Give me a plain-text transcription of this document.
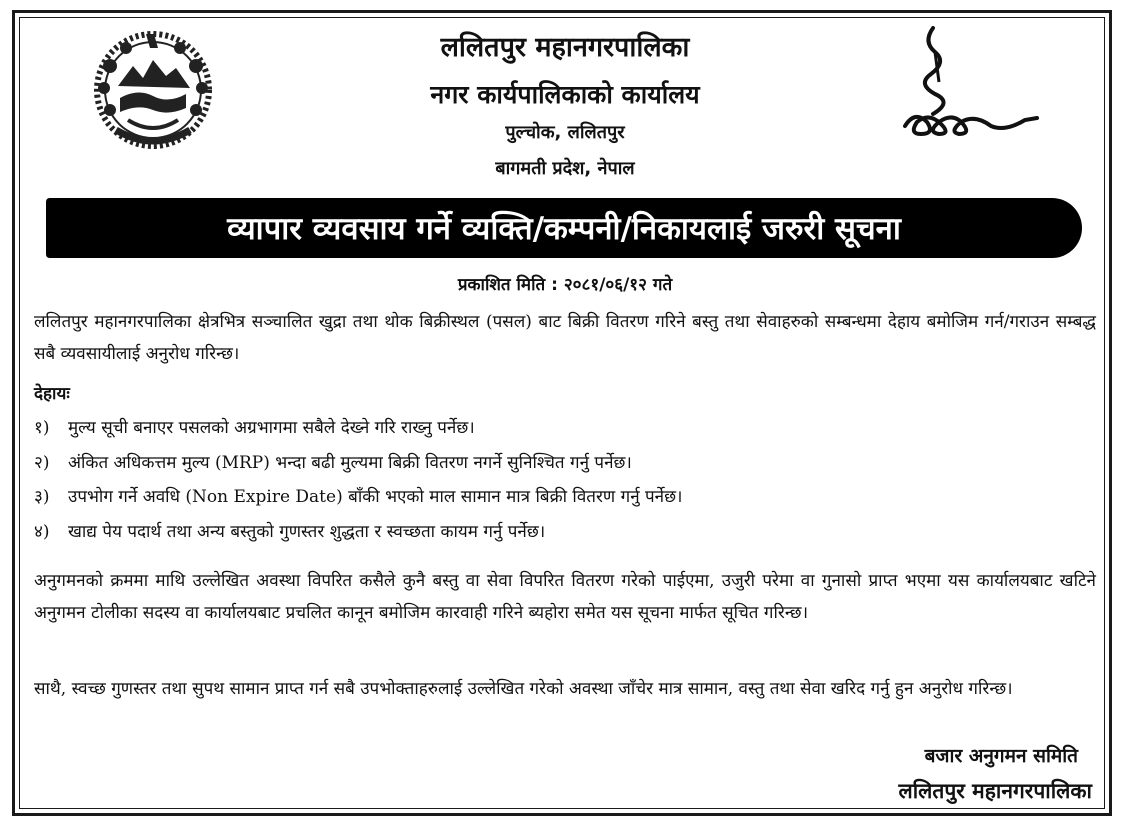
ललितपुर महानगरपालिका
नगर कार्यपालिकाको कार्यालय
पुल्चोक, ललितपुर
बागमती प्रदेश, नेपाल
व्यापार व्यवसाय गर्ने व्यक्ति/कम्पनी/निकायलाई जरुरी सूचना
प्रकाशित मिति : २०८१/०६/१२ गते
ललितपुर महानगरपालिका क्षेत्रभित्र सञ्चालित खुद्रा तथा थोक बिक्रीस्थल (पसल) बाट बिक्री वितरण गरिने बस्तु तथा सेवाहरुको सम्बन्धमा देहाय बमोजिम गर्न/गराउन सम्बद्ध सबै व्यवसायीलाई अनुरोध गरिन्छ।
देहायः
१)	मुल्य सूची बनाएर पसलको अग्रभागमा सबैले देख्ने गरि राख्नु पर्नेछ।
२)	अंकित अधिकत्तम मुल्य (MRP) भन्दा बढी मुल्यमा बिक्री वितरण नगर्ने सुनिश्चित गर्नु पर्नेछ।
३)	उपभोग गर्ने अवधि (Non Expire Date) बाँकी भएको माल सामान मात्र बिक्री वितरण गर्नु पर्नेछ।
४)	खाद्य पेय पदार्थ तथा अन्य बस्तुको गुणस्तर शुद्धता र स्वच्छता कायम गर्नु पर्नेछ।
अनुगमनको क्रममा माथि उल्लेखित अवस्था विपरित कसैले कुनै बस्तु वा सेवा विपरित वितरण गरेको पाईएमा, उजुरी परेमा वा गुनासो प्राप्त भएमा यस कार्यालयबाट खटिने अनुगमन टोलीका सदस्य वा कार्यालयबाट प्रचलित कानून बमोजिम कारवाही गरिने ब्यहोरा समेत यस सूचना मार्फत सूचित गरिन्छ।
साथै, स्वच्छ गुणस्तर तथा सुपथ सामान प्राप्त गर्न सबै उपभोक्ताहरुलाई उल्लेखित गरेको अवस्था जाँचेर मात्र सामान, वस्तु तथा सेवा खरिद गर्नु हुन अनुरोध गरिन्छ।
बजार अनुगमन समिति
ललितपुर महानगरपालिका
